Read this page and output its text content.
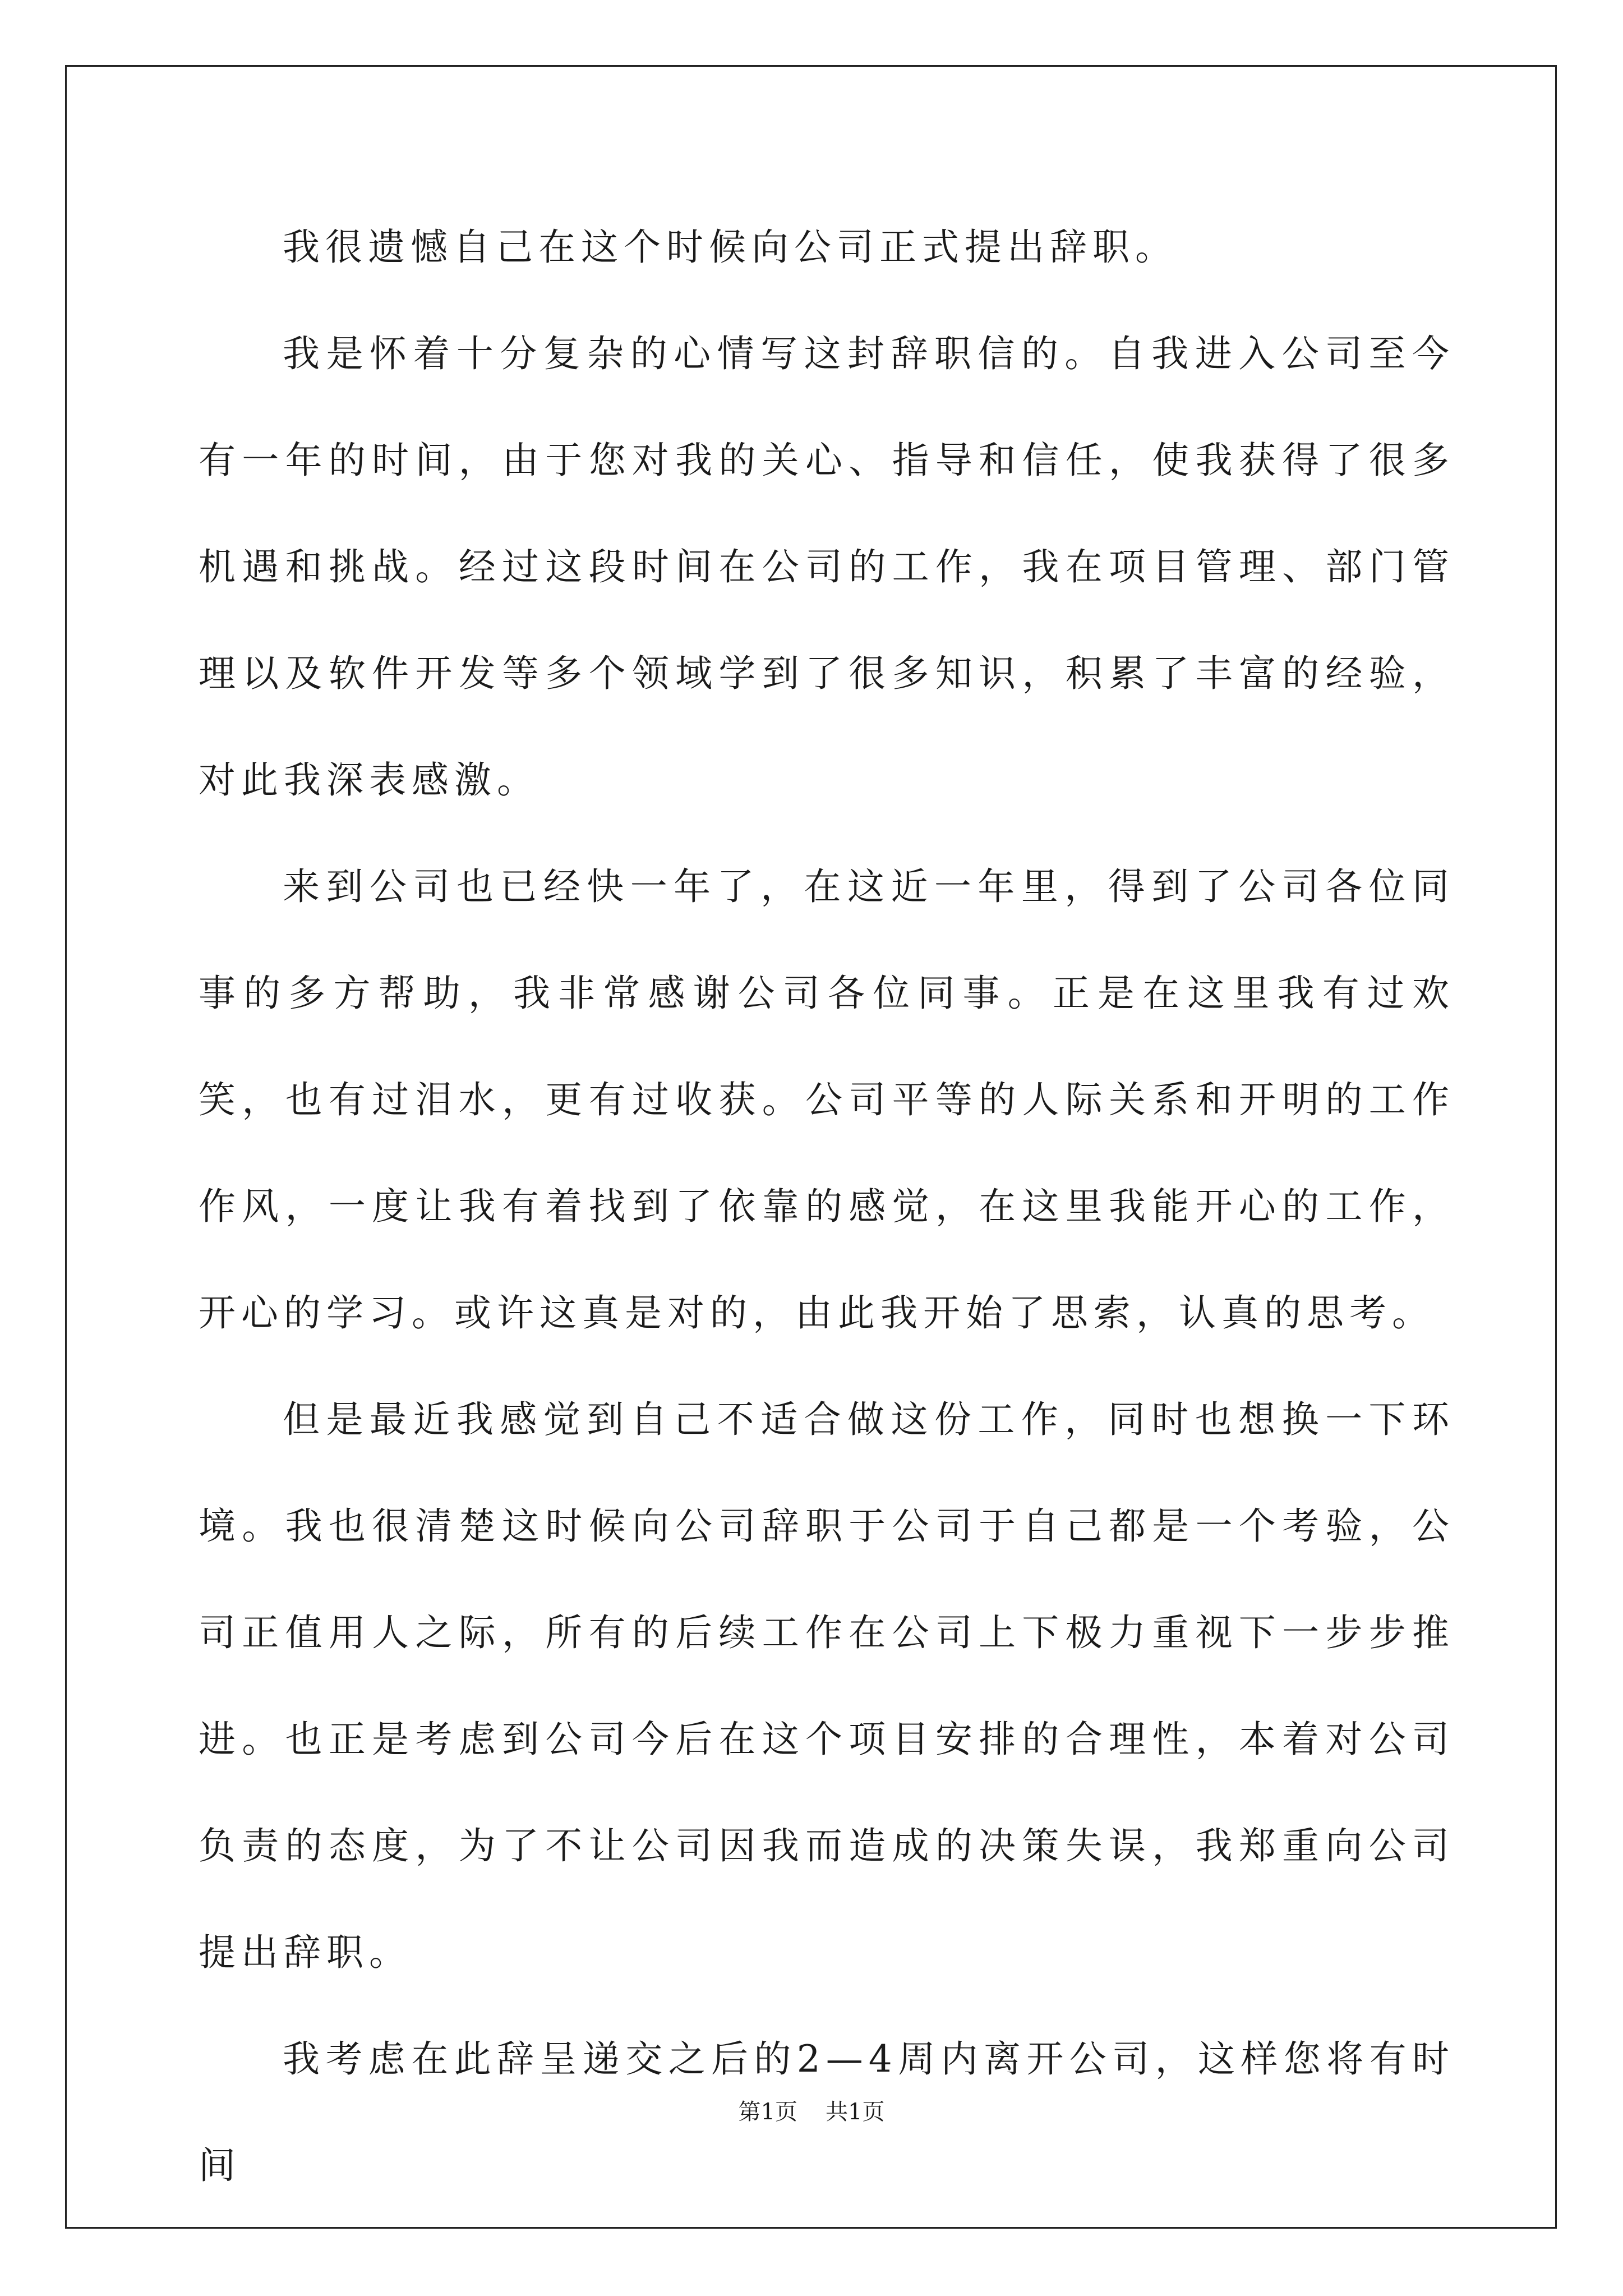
我很遗憾自己在这个时候向公司正式提出辞职。

我是怀着十分复杂的心情写这封辞职信的。自我进入公司至今有一年的时间，由于您对我的关心、指导和信任，使我获得了很多机遇和挑战。经过这段时间在公司的工作，我在项目管理、部门管理以及软件开发等多个领域学到了很多知识，积累了丰富的经验，对此我深表感激。

来到公司也已经快一年了，在这近一年里，得到了公司各位同事的多方帮助，我非常感谢公司各位同事。正是在这里我有过欢笑，也有过泪水，更有过收获。公司平等的人际关系和开明的工作作风，一度让我有着找到了依靠的感觉，在这里我能开心的工作，开心的学习。或许这真是对的，由此我开始了思索，认真的思考。

但是最近我感觉到自己不适合做这份工作，同时也想换一下环境。我也很清楚这时候向公司辞职于公司于自己都是一个考验，公司正值用人之际，所有的后续工作在公司上下极力重视下一步步推进。也正是考虑到公司今后在这个项目安排的合理性，本着对公司负责的态度，为了不让公司因我而造成的决策失误，我郑重向公司提出辞职。

我考虑在此辞呈递交之后的2—4周内离开公司，这样您将有时间

第1页 共1页
